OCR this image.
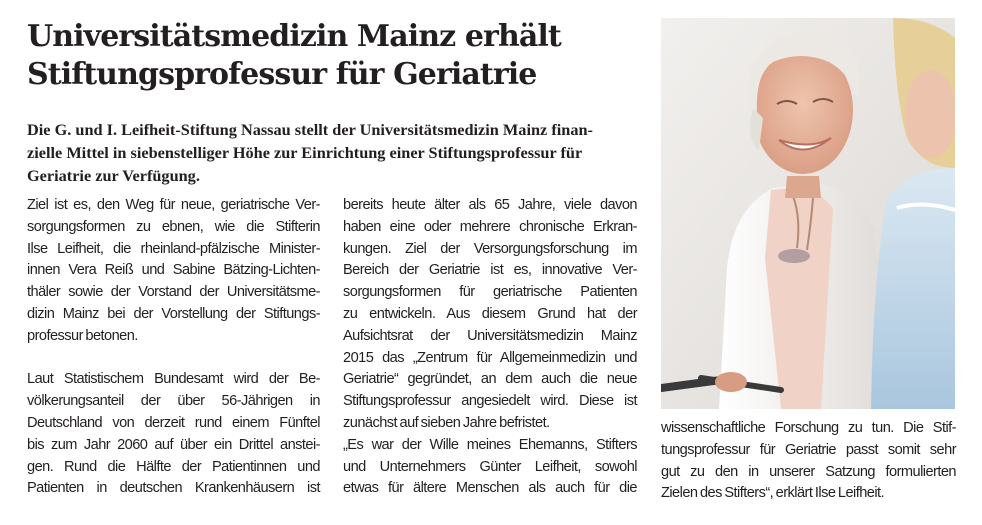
Universitätsmedizin Mainz erhält
Stiftungsprofessur für Geriatrie
Die G. und I. Leifheit-Stiftung Nassau stellt der Universitätsmedizin Mainz finan-
zielle Mittel in siebenstelliger Höhe zur Einrichtung einer Stiftungsprofessur für
Geriatrie zur Verfügung.
Ziel ist es, den Weg für neue, geriatrische Ver-
sorgungsformen zu ebnen, wie die Stifterin
Ilse Leifheit, die rheinland-pfälzische Minister-
innen Vera Reiß und Sabine Bätzing-Lichten-
thäler sowie der Vorstand der Universitätsme-
dizin Mainz bei der Vorstellung der Stiftungs-
professur betonen.
Laut Statistischem Bundesamt wird der Be-
völkerungsanteil der über 56-Jährigen in
Deutschland von derzeit rund einem Fünftel
bis zum Jahr 2060 auf über ein Drittel anstei-
gen. Rund die Hälfte der Patientinnen und
Patienten in deutschen Krankenhäusern ist
bereits heute älter als 65 Jahre, viele davon
haben eine oder mehrere chronische Erkran-
kungen. Ziel der Versorgungsforschung im
Bereich der Geriatrie ist es, innovative Ver-
sorgungsformen für geriatrische Patienten
zu entwickeln. Aus diesem Grund hat der
Aufsichtsrat der Universitätsmedizin Mainz
2015 das „Zentrum für Allgemeinmedizin und
Geriatrie“ gegründet, an dem auch die neue
Stiftungsprofessur angesiedelt wird. Diese ist
zunächst auf sieben Jahre befristet.
„Es war der Wille meines Ehemanns, Stifters
und Unternehmers Günter Leifheit, sowohl
etwas für ältere Menschen als auch für die
wissenschaftliche Forschung zu tun. Die Stif-
tungsprofessur für Geriatrie passt somit sehr
gut zu den in unserer Satzung formulierten
Zielen des Stifters“, erklärt Ilse Leifheit.
